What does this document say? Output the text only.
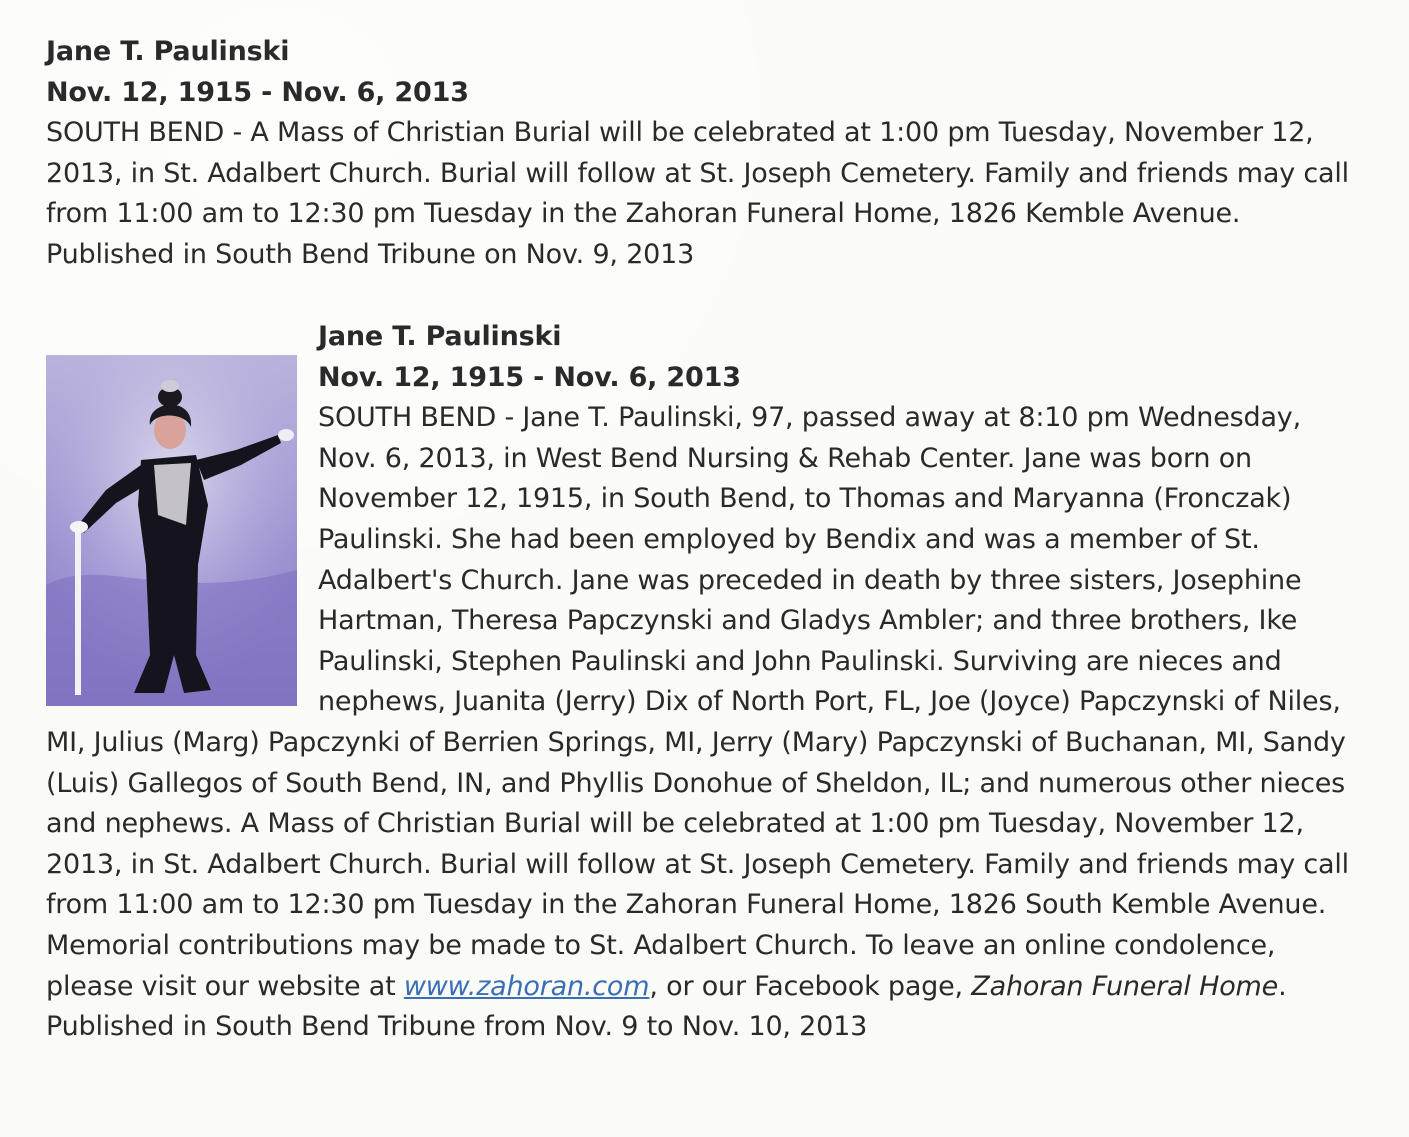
Jane T. Paulinski
Nov. 12, 1915 - Nov. 6, 2013
SOUTH BEND - A Mass of Christian Burial will be celebrated at 1:00 pm Tuesday, November 12, 2013, in St. Adalbert Church. Burial will follow at St. Joseph Cemetery. Family and friends may call from 11:00 am to 12:30 pm Tuesday in the Zahoran Funeral Home, 1826 Kemble Avenue. Published in South Bend Tribune on Nov. 9, 2013
Jane T. Paulinski
Nov. 12, 1915 - Nov. 6, 2013
SOUTH BEND - Jane T. Paulinski, 97, passed away at 8:10 pm Wednesday, Nov. 6, 2013, in West Bend Nursing & Rehab Center. Jane was born on November 12, 1915, in South Bend, to Thomas and Maryanna (Fronczak) Paulinski. She had been employed by Bendix and was a member of St. Adalbert's Church. Jane was preceded in death by three sisters, Josephine Hartman, Theresa Papczynski and Gladys Ambler; and three brothers, Ike Paulinski, Stephen Paulinski and John Paulinski. Surviving are nieces and nephews, Juanita (Jerry) Dix of North Port, FL, Joe (Joyce) Papczynski of Niles, MI, Julius (Marg) Papczynki of Berrien Springs, MI, Jerry (Mary) Papczynski of Buchanan, MI, Sandy (Luis) Gallegos of South Bend, IN, and Phyllis Donohue of Sheldon, IL; and numerous other nieces and nephews. A Mass of Christian Burial will be celebrated at 1:00 pm Tuesday, November 12, 2013, in St. Adalbert Church. Burial will follow at St. Joseph Cemetery. Family and friends may call from 11:00 am to 12:30 pm Tuesday in the Zahoran Funeral Home, 1826 South Kemble Avenue. Memorial contributions may be made to St. Adalbert Church. To leave an online condolence, please visit our website at www.zahoran.com, or our Facebook page, Zahoran Funeral Home. Published in South Bend Tribune from Nov. 9 to Nov. 10, 2013
